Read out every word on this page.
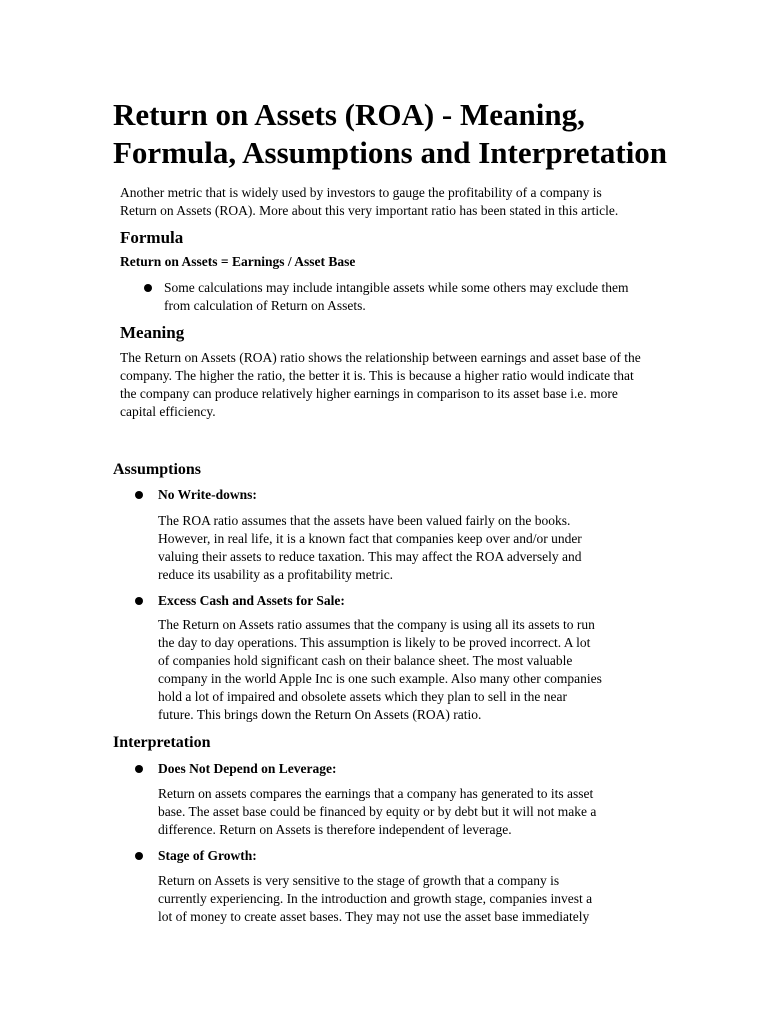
Return on Assets (ROA) - Meaning,
Formula, Assumptions and Interpretation

Another metric that is widely used by investors to gauge the profitability of a company is

Return on Assets (ROA). More about this very important ratio has been stated in this article.

Formula

Return on Assets = Earnings / Asset Base

Some calculations may include intangible assets while some others may exclude them

from calculation of Return on Assets.

Meaning

The Return on Assets (ROA) ratio shows the relationship between earnings and asset base of the

company. The higher the ratio, the better it is. This is because a higher ratio would indicate that

the company can produce relatively higher earnings in comparison to its asset base i.e. more

capital efficiency.

Assumptions

No Write-downs:

The ROA ratio assumes that the assets have been valued fairly on the books.

However, in real life, it is a known fact that companies keep over and/or under

valuing their assets to reduce taxation. This may affect the ROA adversely and

reduce its usability as a profitability metric.

Excess Cash and Assets for Sale:

The Return on Assets ratio assumes that the company is using all its assets to run

the day to day operations. This assumption is likely to be proved incorrect. A lot

of companies hold significant cash on their balance sheet. The most valuable

company in the world Apple Inc is one such example. Also many other companies

hold a lot of impaired and obsolete assets which they plan to sell in the near

future. This brings down the Return On Assets (ROA) ratio.

Interpretation

Does Not Depend on Leverage:

Return on assets compares the earnings that a company has generated to its asset

base. The asset base could be financed by equity or by debt but it will not make a

difference. Return on Assets is therefore independent of leverage.

Stage of Growth:

Return on Assets is very sensitive to the stage of growth that a company is

currently experiencing. In the introduction and growth stage, companies invest a

lot of money to create asset bases. They may not use the asset base immediately
